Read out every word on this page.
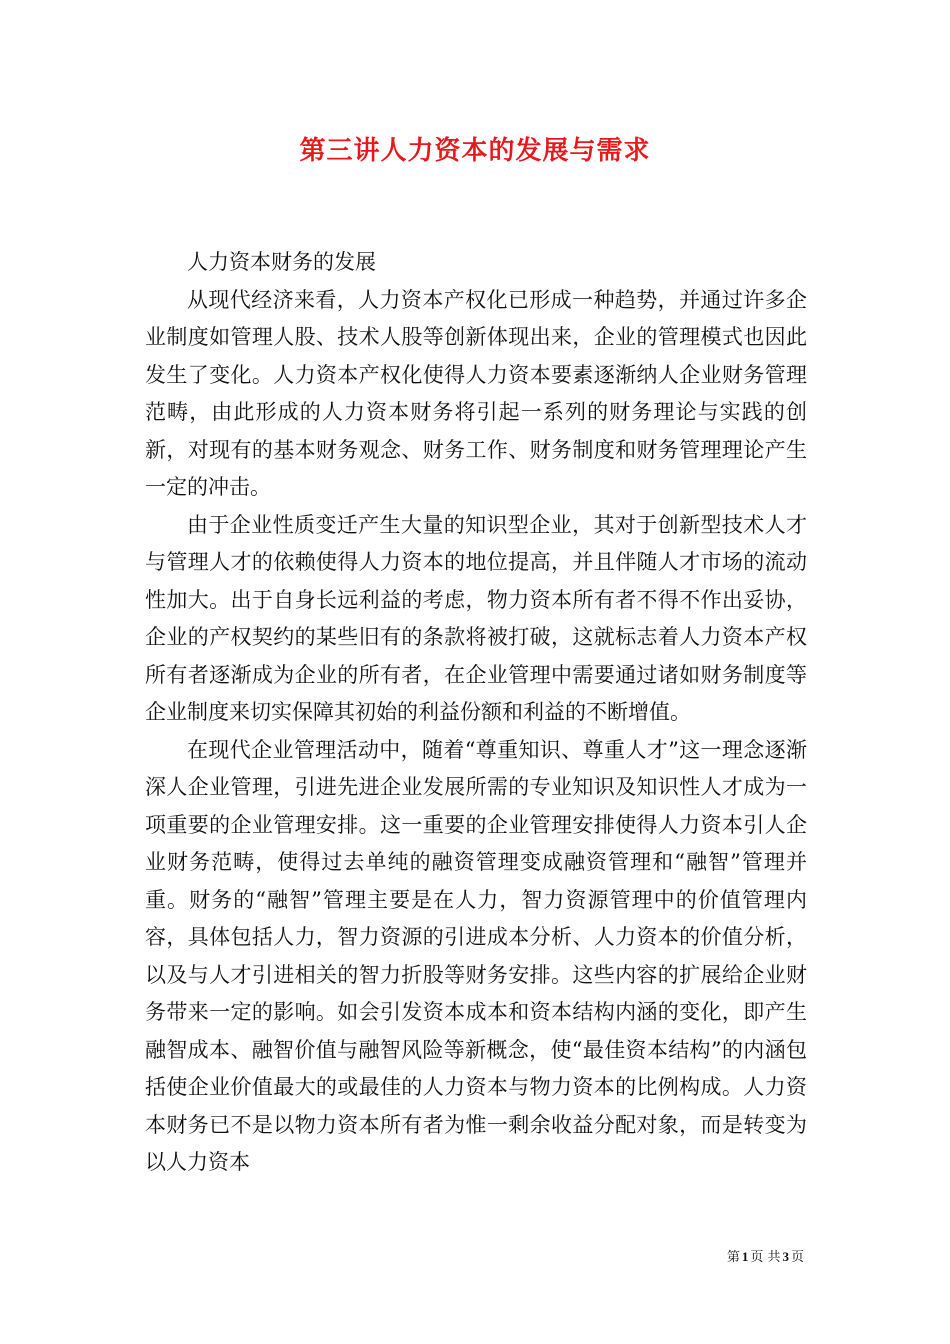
第三讲人力资本的发展与需求

人力资本财务的发展

从现代经济来看，人力资本产权化已形成一种趋势，并通过许多企业制度如管理人股、技术人股等创新体现出来，企业的管理模式也因此发生了变化。人力资本产权化使得人力资本要素逐渐纳人企业财务管理范畴，由此形成的人力资本财务将引起一系列的财务理论与实践的创新，对现有的基本财务观念、财务工作、财务制度和财务管理理论产生一定的冲击。

由于企业性质变迁产生大量的知识型企业，其对于创新型技术人才与管理人才的依赖使得人力资本的地位提高，并且伴随人才市场的流动性加大。出于自身长远利益的考虑，物力资本所有者不得不作出妥协，企业的产权契约的某些旧有的条款将被打破，这就标志着人力资本产权所有者逐渐成为企业的所有者，在企业管理中需要通过诸如财务制度等企业制度来切实保障其初始的利益份额和利益的不断增值。

在现代企业管理活动中，随着“尊重知识、尊重人才”这一理念逐渐深人企业管理，引进先进企业发展所需的专业知识及知识性人才成为一项重要的企业管理安排。这一重要的企业管理安排使得人力资本引人企业财务范畴，使得过去单纯的融资管理变成融资管理和“融智”管理并重。财务的“融智”管理主要是在人力，智力资源管理中的价值管理内容，具体包括人力，智力资源的引进成本分析、人力资本的价值分析，以及与人才引进相关的智力折股等财务安排。这些内容的扩展给企业财务带来一定的影响。如会引发资本成本和资本结构内涵的变化，即产生融智成本、融智价值与融智风险等新概念，使“最佳资本结构”的内涵包括使企业价值最大的或最佳的人力资本与物力资本的比例构成。人力资本财务已不是以物力资本所有者为惟一剩余收益分配对象，而是转变为以人力资本

第 1 页 共 3 页
